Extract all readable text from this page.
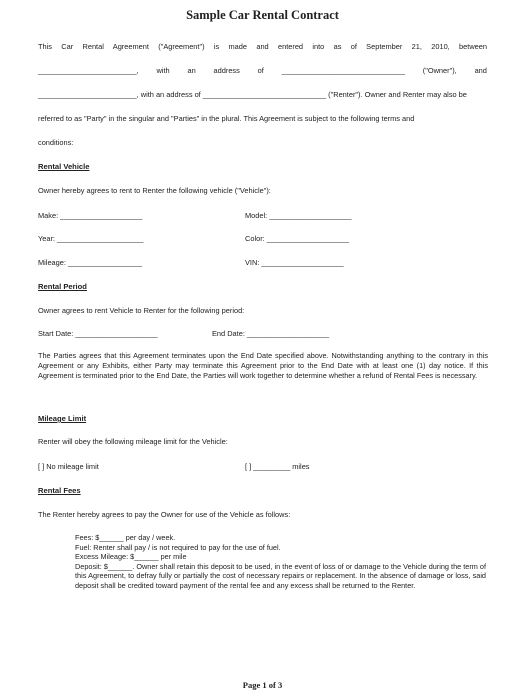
Sample Car Rental Contract
This Car Rental Agreement ("Agreement") is made and entered into as of September 21, 2010, between
________________________, with an address of ______________________________ ("Owner"), and
________________________, with an address of ______________________________ ("Renter"). Owner and Renter may also be
referred to as "Party" in the singular and "Parties" in the plural. This Agreement is subject to the following terms and
conditions:
Rental Vehicle
Owner hereby agrees to rent to Renter the following vehicle ("Vehicle"):
Make: ____________________	Model: ____________________
Year: _____________________	Color: ____________________
Mileage: __________________	VIN: ____________________
Rental Period
Owner agrees to rent Vehicle to Renter for the following period:
Start Date: ____________________	End Date: ____________________
The Parties agrees that this Agreement terminates upon the End Date specified above. Notwithstanding anything to the contrary in this Agreement or any Exhibits, either Party may terminate this Agreement prior to the End Date with at least one (1) day notice. If this Agreement is terminated prior to the End Date, the Parties will work together to determine whether a refund of Rental Fees is necessary.
Mileage Limit
Renter will obey the following mileage limit for the Vehicle:
[ ] No mileage limit	[ ] _________ miles
Rental Fees
The Renter hereby agrees to pay the Owner for use of the Vehicle as follows:
Fees: $______ per day / week.
Fuel: Renter shall pay / is not required to pay for the use of fuel.
Excess Mileage: $______ per mile
Deposit: $______. Owner shall retain this deposit to be used, in the event of loss of or damage to the Vehicle during the term of this Agreement, to defray fully or partially the cost of necessary repairs or replacement. In the absence of damage or loss, said deposit shall be credited toward payment of the rental fee and any excess shall be returned to the Renter.
Page 1 of 3
